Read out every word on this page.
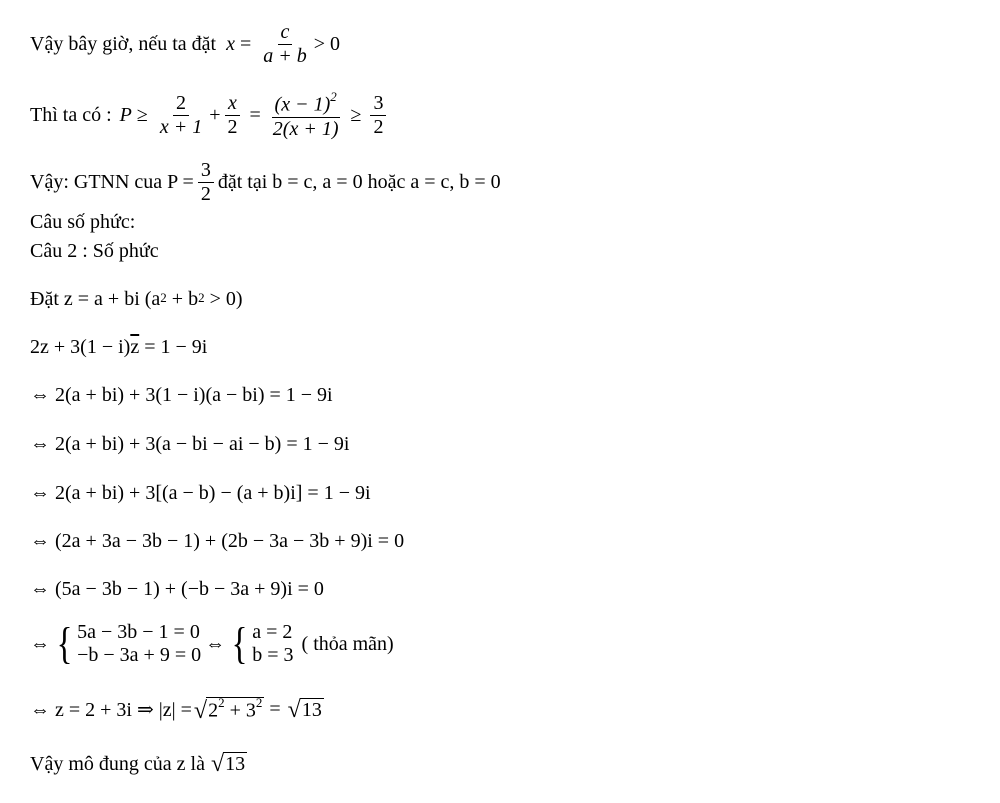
Vậy bây giờ, nếu ta đặt $x = \frac{c}{a + b} > 0$
Thì ta có : $P \ge \frac{2}{x + 1} + \frac{x}{2} = \frac{(x - 1)^2}{2(x + 1)} \ge \frac{3}{2}$
Vậy: GTNN cua $P = \frac{3}{2}$ đặt tại b = c, a = 0 hoặc a = c, b = 0
Câu số phức:
Câu 2 : Số phức
Đặt z = a + bi (a 2 + b 2 > 0)
2z + 3(1 − i) $\overline{z} = 1 - 9i$
⇔ 2(a + bi) + 3(1 − i)(a − bi) = 1 − 9i
⇔ 2(a + bi) + 3(a − bi − ai − b) = 1 − 9i
⇔ 2(a + bi) + 3[(a − b) − (a + b)i] = 1 − 9i
⇔ (2a + 3a − 3b − 1) + (2b − 3a − 3b + 9)i = 0
⇔ (5a − 3b − 1) + (−b − 3a + 9)i = 0
⇔ { 5a − 3b − 1 = 0
−b − 3a + 9 = 0
⇔ { a = 2
b = 3
( thỏa mãn)
⇔ z = 2 + 3i ⇒ |z| = √ $2^2 + 3^2$ = √ 13
Vậy mô đung của z là √ 13
